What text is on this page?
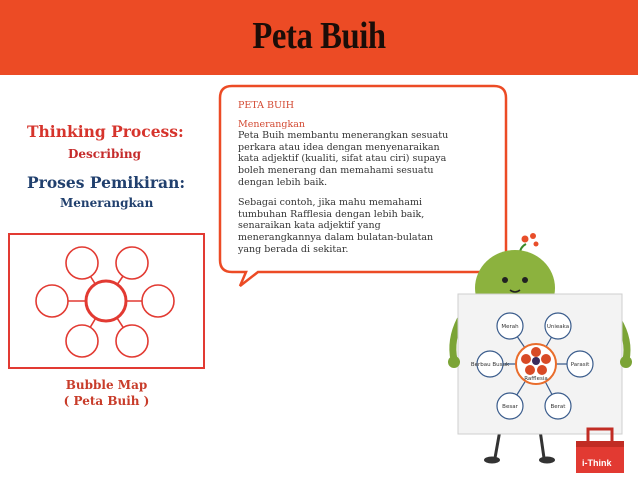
Peta Buih
Thinking Process:
Describing
Proses Pemikiran:
Menerangkan
Bubble Map
( Peta Buih )
PETA BUIH
Menerangkan
Peta Buih membantu menerangkan sesuatu
perkara atau idea dengan menyenaraikan
kata adjektif (kualiti, sifat atau ciri) supaya
boleh menerang dan memahami sesuatu
dengan lebih baik.
Sebagai contoh, jika mahu memahami
tumbuhan Rafflesia dengan lebih baik,
senaraikan kata adjektif yang
menerangkannya dalam bulatan-bulatan
yang berada di sekitar.
Rafflesia
Merah	Unieaka
Parasit
Berat
Besar
Berbau Busuk
i-Think
